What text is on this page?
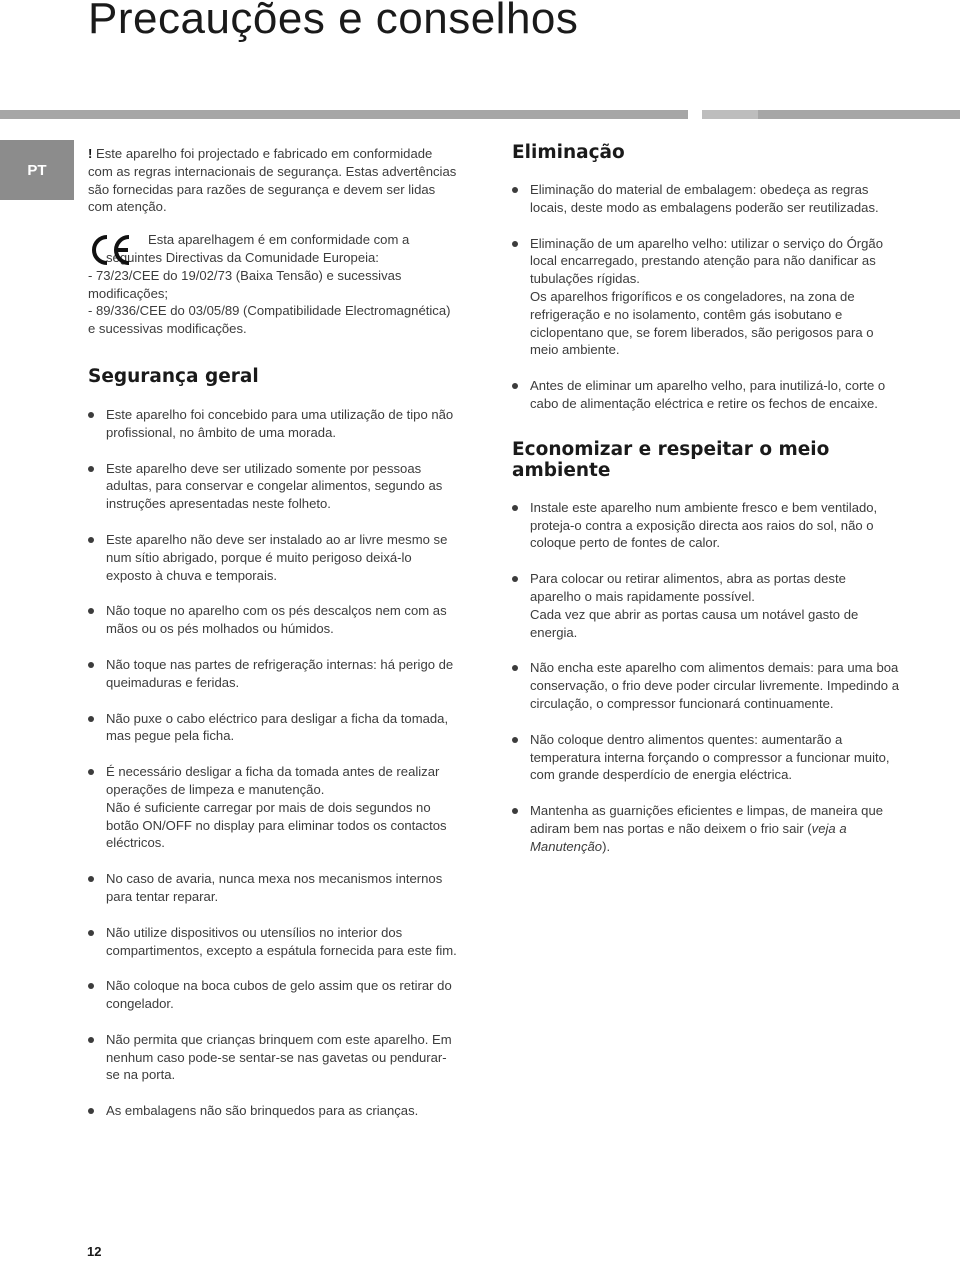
Precauções e conselhos
PT

! Este aparelho foi projectado e fabricado em conformidade com as regras internacionais de segurança. Estas advertências são fornecidas para razões de segurança e devem ser lidas com atenção.

Esta aparelhagem é em conformidade com a

seguintes Directivas da Comunidade Europeia:

- 73/23/CEE do 19/02/73 (Baixa Tensão) e sucessivas modificações;

- 89/336/CEE do 03/05/89 (Compatibilidade Electromagnética) e sucessivas modificações.

Segurança geral

Este aparelho foi concebido para uma utilização de tipo não profissional, no âmbito de uma morada.

Este aparelho deve ser utilizado somente por pessoas adultas, para conservar e congelar alimentos, segundo as instruções apresentadas neste folheto.

Este aparelho não deve ser instalado ao ar livre mesmo se num sítio abrigado, porque é muito perigoso deixá-lo exposto à chuva e temporais.

Não toque no aparelho com os pés descalços nem com as mãos ou os pés molhados ou húmidos.

Não toque nas partes de refrigeração internas: há perigo de queimaduras e feridas.

Não puxe o cabo eléctrico para desligar a ficha da tomada, mas pegue pela ficha.

É necessário desligar a ficha da tomada antes de realizar operações de limpeza e manutenção.

Não é suficiente carregar por mais de dois segundos no botão ON/OFF no display para eliminar todos os contactos eléctricos.

No caso de avaria, nunca mexa nos mecanismos internos para tentar reparar.

Não utilize dispositivos ou utensílios no interior dos compartimentos, excepto a espátula fornecida para este fim.

Não coloque na boca cubos de gelo assim que os retirar do congelador.

Não permita que crianças brinquem com este aparelho. Em nenhum caso pode-se sentar-se nas gavetas ou pendurar-se na porta.

As embalagens não são brinquedos para as crianças.

Eliminação

Eliminação do material de embalagem: obedeça as regras locais, deste modo as embalagens poderão ser reutilizadas.

Eliminação de um aparelho velho: utilizar o serviço do Órgão local encarregado, prestando atenção para não danificar as tubulações rígidas.

Os aparelhos frigoríficos e os congeladores, na zona de refrigeração e no isolamento, contêm gás isobutano e ciclopentano que, se forem liberados, são perigosos para o meio ambiente.

Antes de eliminar um aparelho velho, para inutilizá-lo, corte o cabo de alimentação eléctrica e retire os fechos de encaixe.

Economizar e respeitar o meio ambiente

Instale este aparelho num ambiente fresco e bem ventilado, proteja-o contra a exposição directa aos raios do sol, não o coloque perto de fontes de calor.

Para colocar ou retirar alimentos, abra as portas deste aparelho o mais rapidamente possível.

Cada vez que abrir as portas causa um notável gasto de energia.

Não encha este aparelho com alimentos demais: para uma boa conservação, o frio deve poder circular livremente. Impedindo a circulação, o compressor funcionará continuamente.

Não coloque dentro alimentos quentes: aumentarão a temperatura interna forçando o compressor a funcionar muito, com grande desperdício de energia eléctrica.

Mantenha as guarnições eficientes e limpas, de maneira que adiram bem nas portas e não deixem o frio sair (veja a Manutenção).

12
